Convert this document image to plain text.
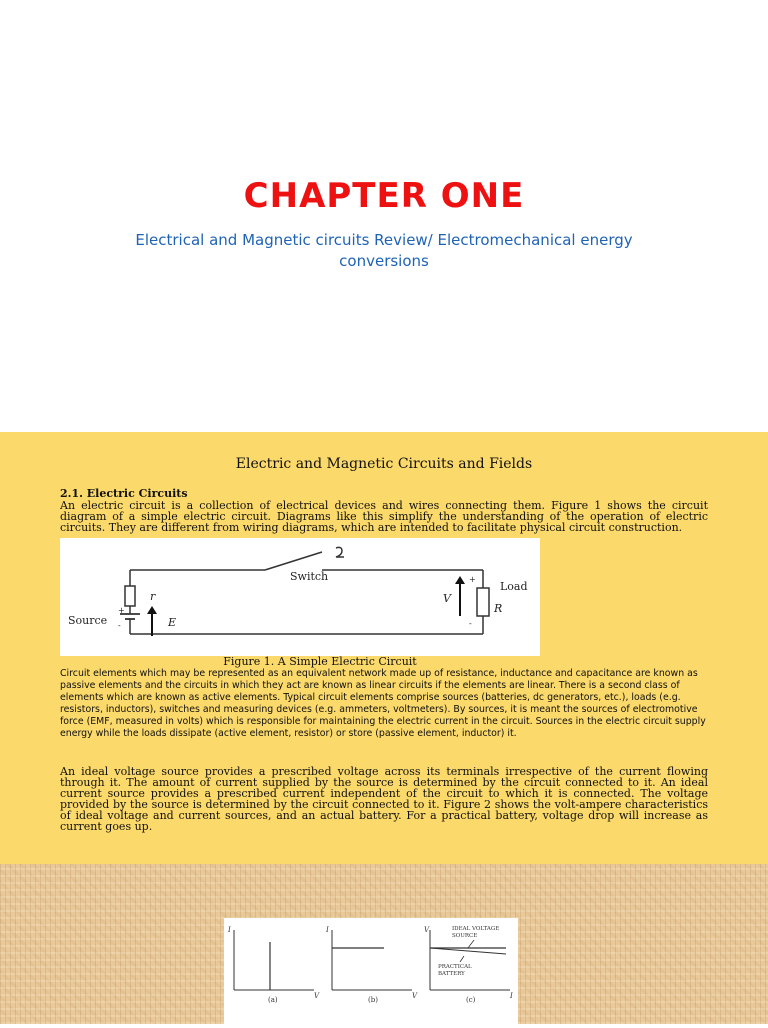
CHAPTER ONE
Electrical and Magnetic circuits Review/ Electromechanical energy conversions
Electric and Magnetic Circuits and Fields
2.1. Electric Circuits
An electric circuit is a collection of electrical devices and wires connecting them. Figure 1 shows the circuit diagram of a simple electric circuit. Diagrams like this simplify the understanding of the operation of electric circuits. They are different from wiring diagrams, which are intended to facilitate physical circuit construction.
Switch
Load
Source
r
E
V
R
+
-
+
-
Figure 1. A Simple Electric Circuit
Circuit elements which may be represented as an equivalent network made up of resistance, inductance and capacitance are known as passive elements and the circuits in which they act are known as linear circuits if the elements are linear. There is a second class of elements which are known as active elements. Typical circuit elements comprise sources (batteries, dc generators, etc.), loads (e.g. resistors, inductors), switches and measuring devices (e.g. ammeters, voltmeters). By sources, it is meant the sources of electromotive force (EMF, measured in volts) which is responsible for maintaining the electric current in the circuit. Sources in the electric circuit supply energy while the loads dissipate (active element, resistor) or store (passive element, inductor) it.
An ideal voltage source provides a prescribed voltage across its terminals irrespective of the current flowing through it. The amount of current supplied by the source is determined by the circuit connected to it. An ideal current source provides a prescribed current independent of the circuit to which it is connected. The voltage provided by the source is determined by the circuit connected to it. Figure 2 shows the volt-ampere characteristics of ideal voltage and current sources, and an actual battery. For a practical battery, voltage drop will increase as current goes up.
I
V
(a)
I
V
(b)
V
I
(c)
IDEAL VOLTAGE
SOURCE
PRACTICAL
BATTERY
